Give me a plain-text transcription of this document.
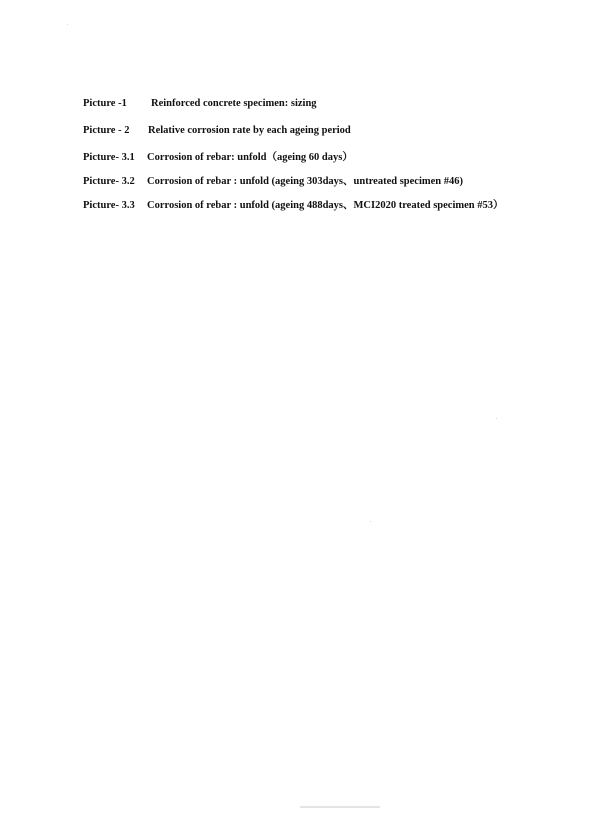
Picture -1 Reinforced concrete specimen: sizing
Picture - 2 Relative corrosion rate by each ageing period
Picture- 3.1 Corrosion of rebar: unfold（ageing 60 days）
Picture- 3.2 Corrosion of rebar : unfold (ageing 303days、untreated specimen #46)
Picture- 3.3 Corrosion of rebar : unfold (ageing 488days、MCI2020 treated specimen #53）
